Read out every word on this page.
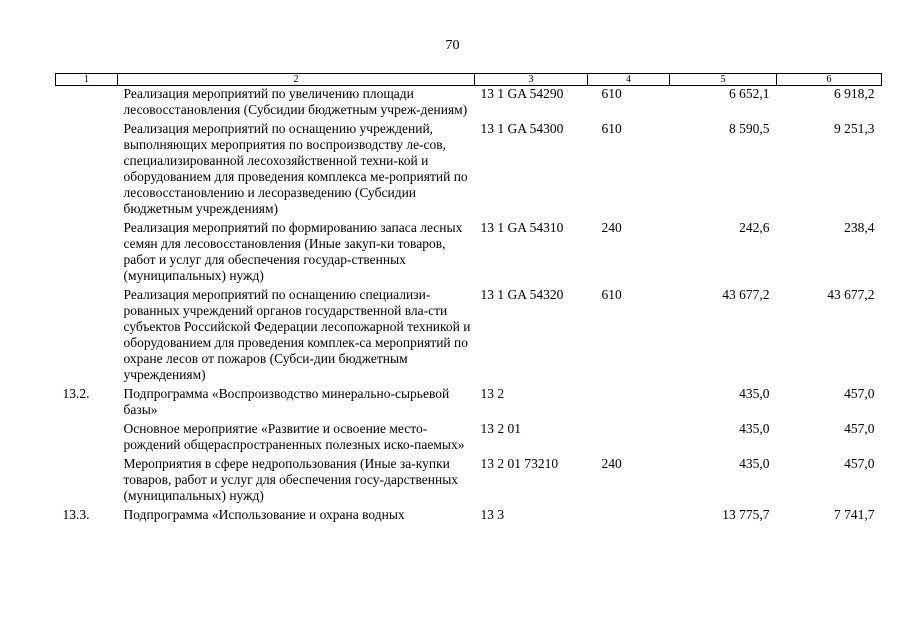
70
1	2	3	4	5	6
	Реализация мероприятий по увеличению площади лесовосстановления (Субсидии бюджетным учреж-дениям)	13 1 GA 54290	610	6 652,1	6 918,2
	Реализация мероприятий по оснащению учреждений, выполняющих мероприятия по воспроизводству ле-сов, специализированной лесохозяйственной техни-кой и оборудованием для проведения комплекса ме-роприятий по лесовосстановлению и лесоразведению (Субсидии бюджетным учреждениям)	13 1 GA 54300	610	8 590,5	9 251,3
	Реализация мероприятий по формированию запаса лесных семян для лесовосстановления (Иные закуп-ки товаров, работ и услуг для обеспечения государ-ственных (муниципальных) нужд)	13 1 GA 54310	240	242,6	238,4
	Реализация мероприятий по оснащению специализи-рованных учреждений органов государственной вла-сти субъектов Российской Федерации лесопожарной техникой и оборудованием для проведения комплек-са мероприятий по охране лесов от пожаров (Субси-дии бюджетным учреждениям)	13 1 GA 54320	610	43 677,2	43 677,2
13.2.	Подпрограмма «Воспроизводство минерально-сырьевой базы»	13 2		435,0	457,0
	Основное мероприятие «Развитие и освоение место-рождений общераспространенных полезных иско-паемых»	13 2 01		435,0	457,0
	Мероприятия в сфере недропользования (Иные за-купки товаров, работ и услуг для обеспечения госу-дарственных (муниципальных) нужд)	13 2 01 73210	240	435,0	457,0
13.3.	Подпрограмма «Использование и охрана водных	13 3		13 775,7	7 741,7
